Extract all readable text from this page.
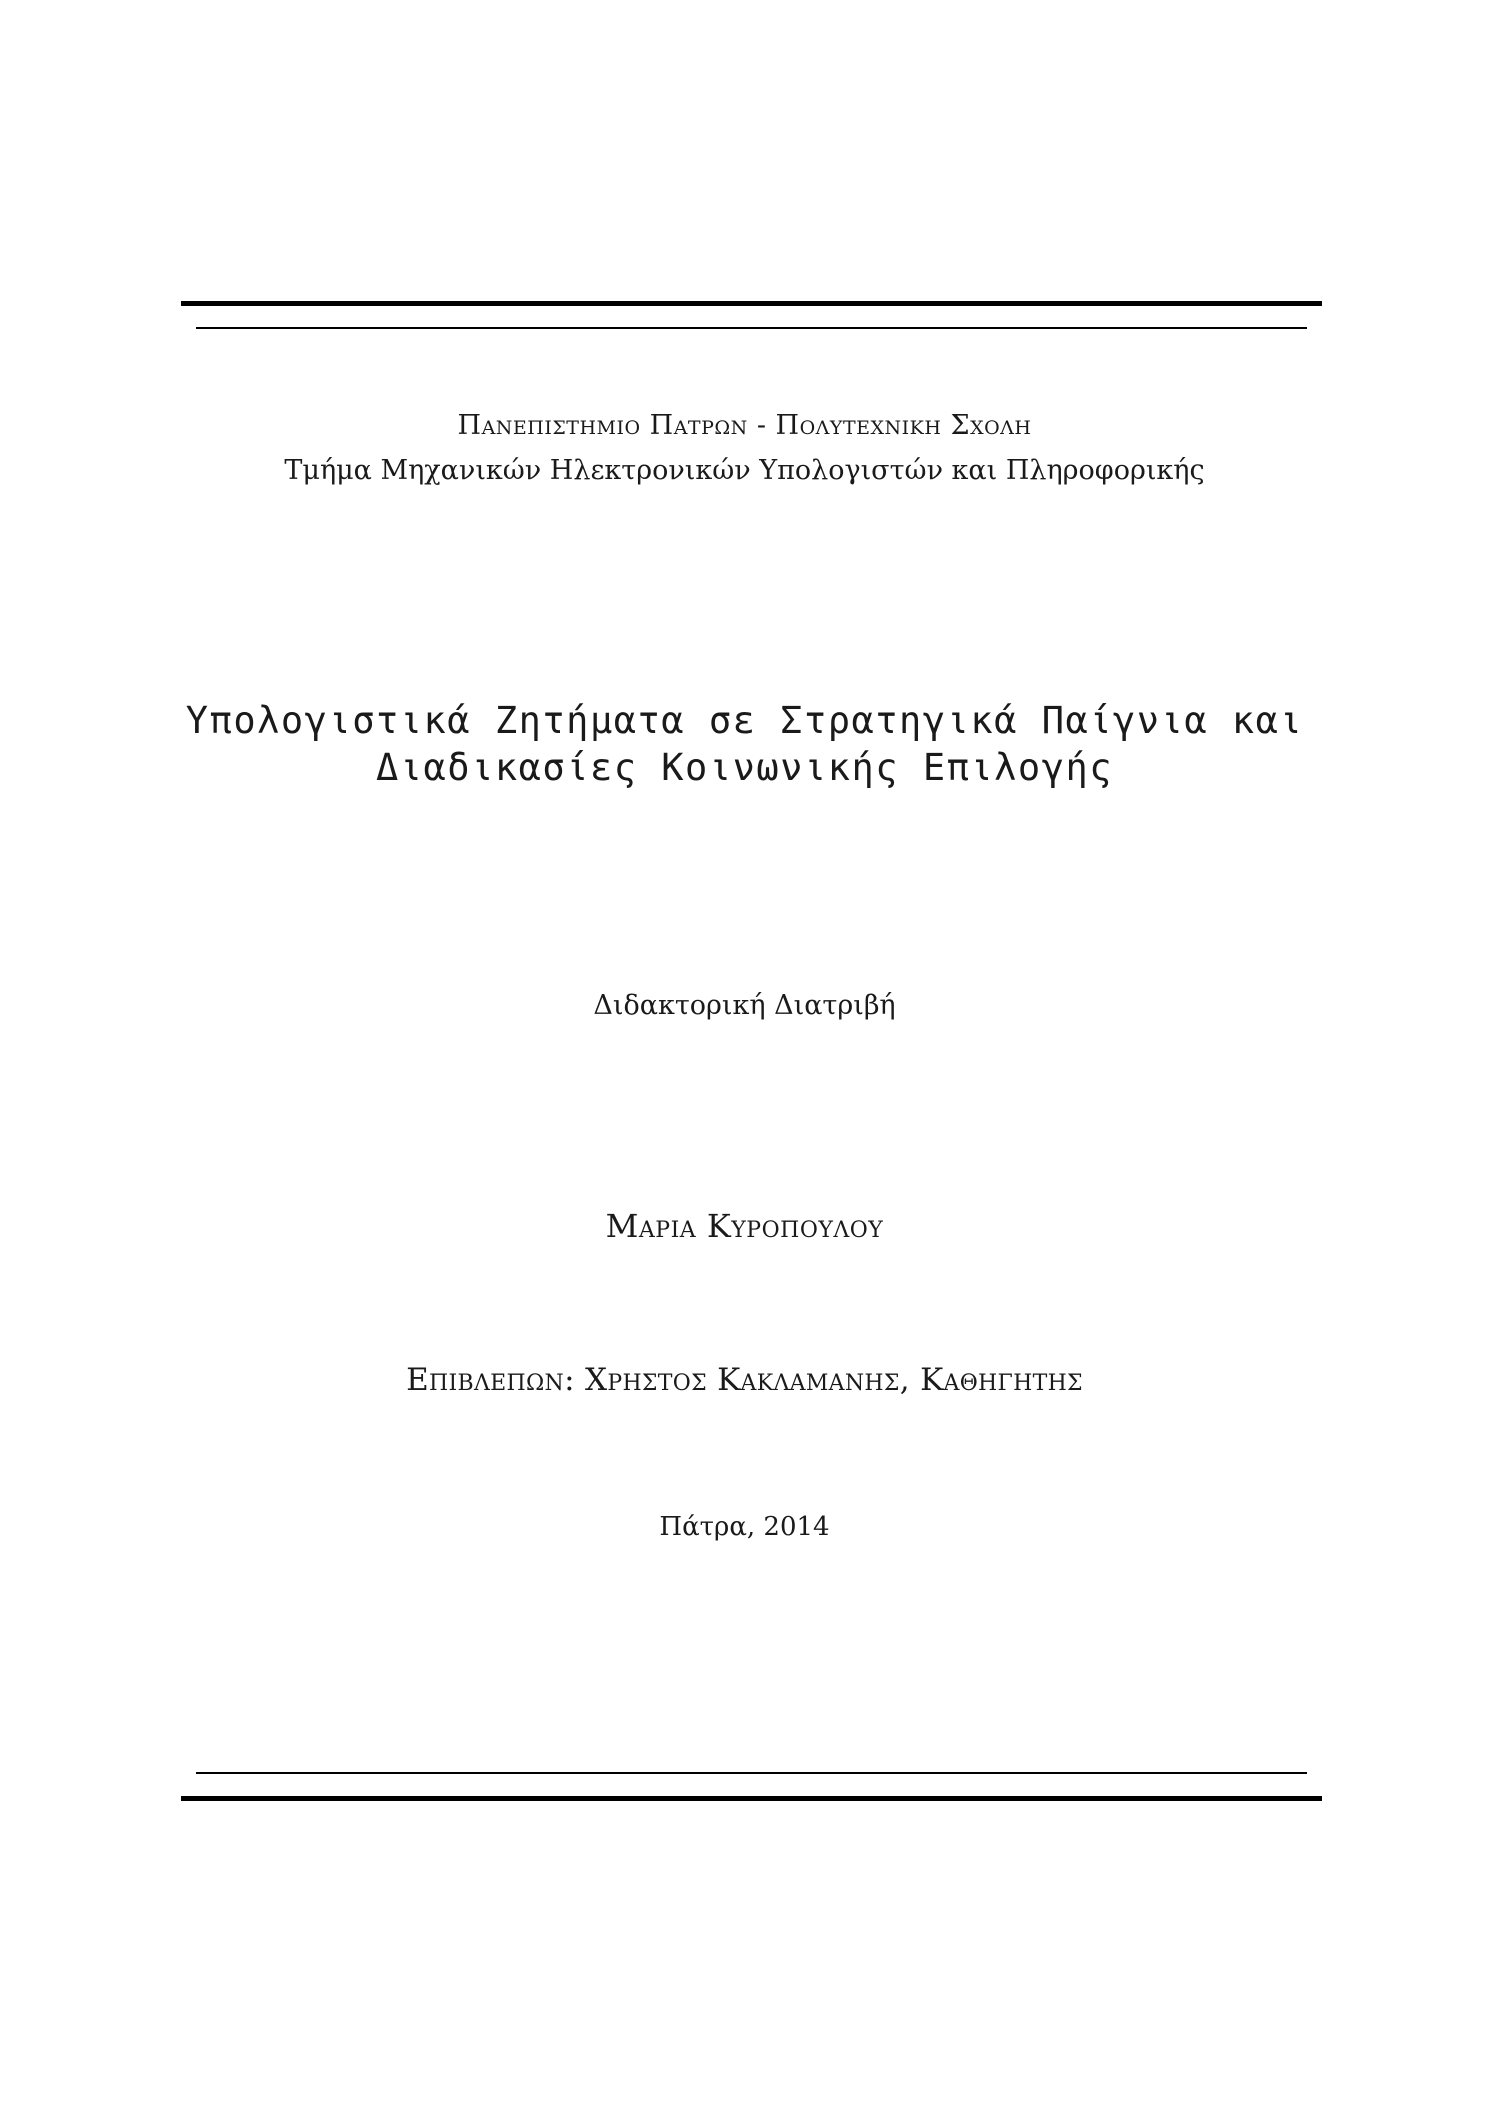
Πανεπιστημιο Πατρων - Πολυτεχνικη Σχολη
Τμήμα Μηχανικών Ηλεκτρονικών Υπολογιστών και Πληροφορικής
Υπολογιστικά Ζητήματα σε Στρατηγικά Παίγνια και
Διαδικασίες Κοινωνικής Επιλογής
Διδακτορική Διατριβή
Μαρια Κυροπουλου
Επιβλεπων: Χρηστος Κακλαμανης, Καθηγητης
Πάτρα, 2014
